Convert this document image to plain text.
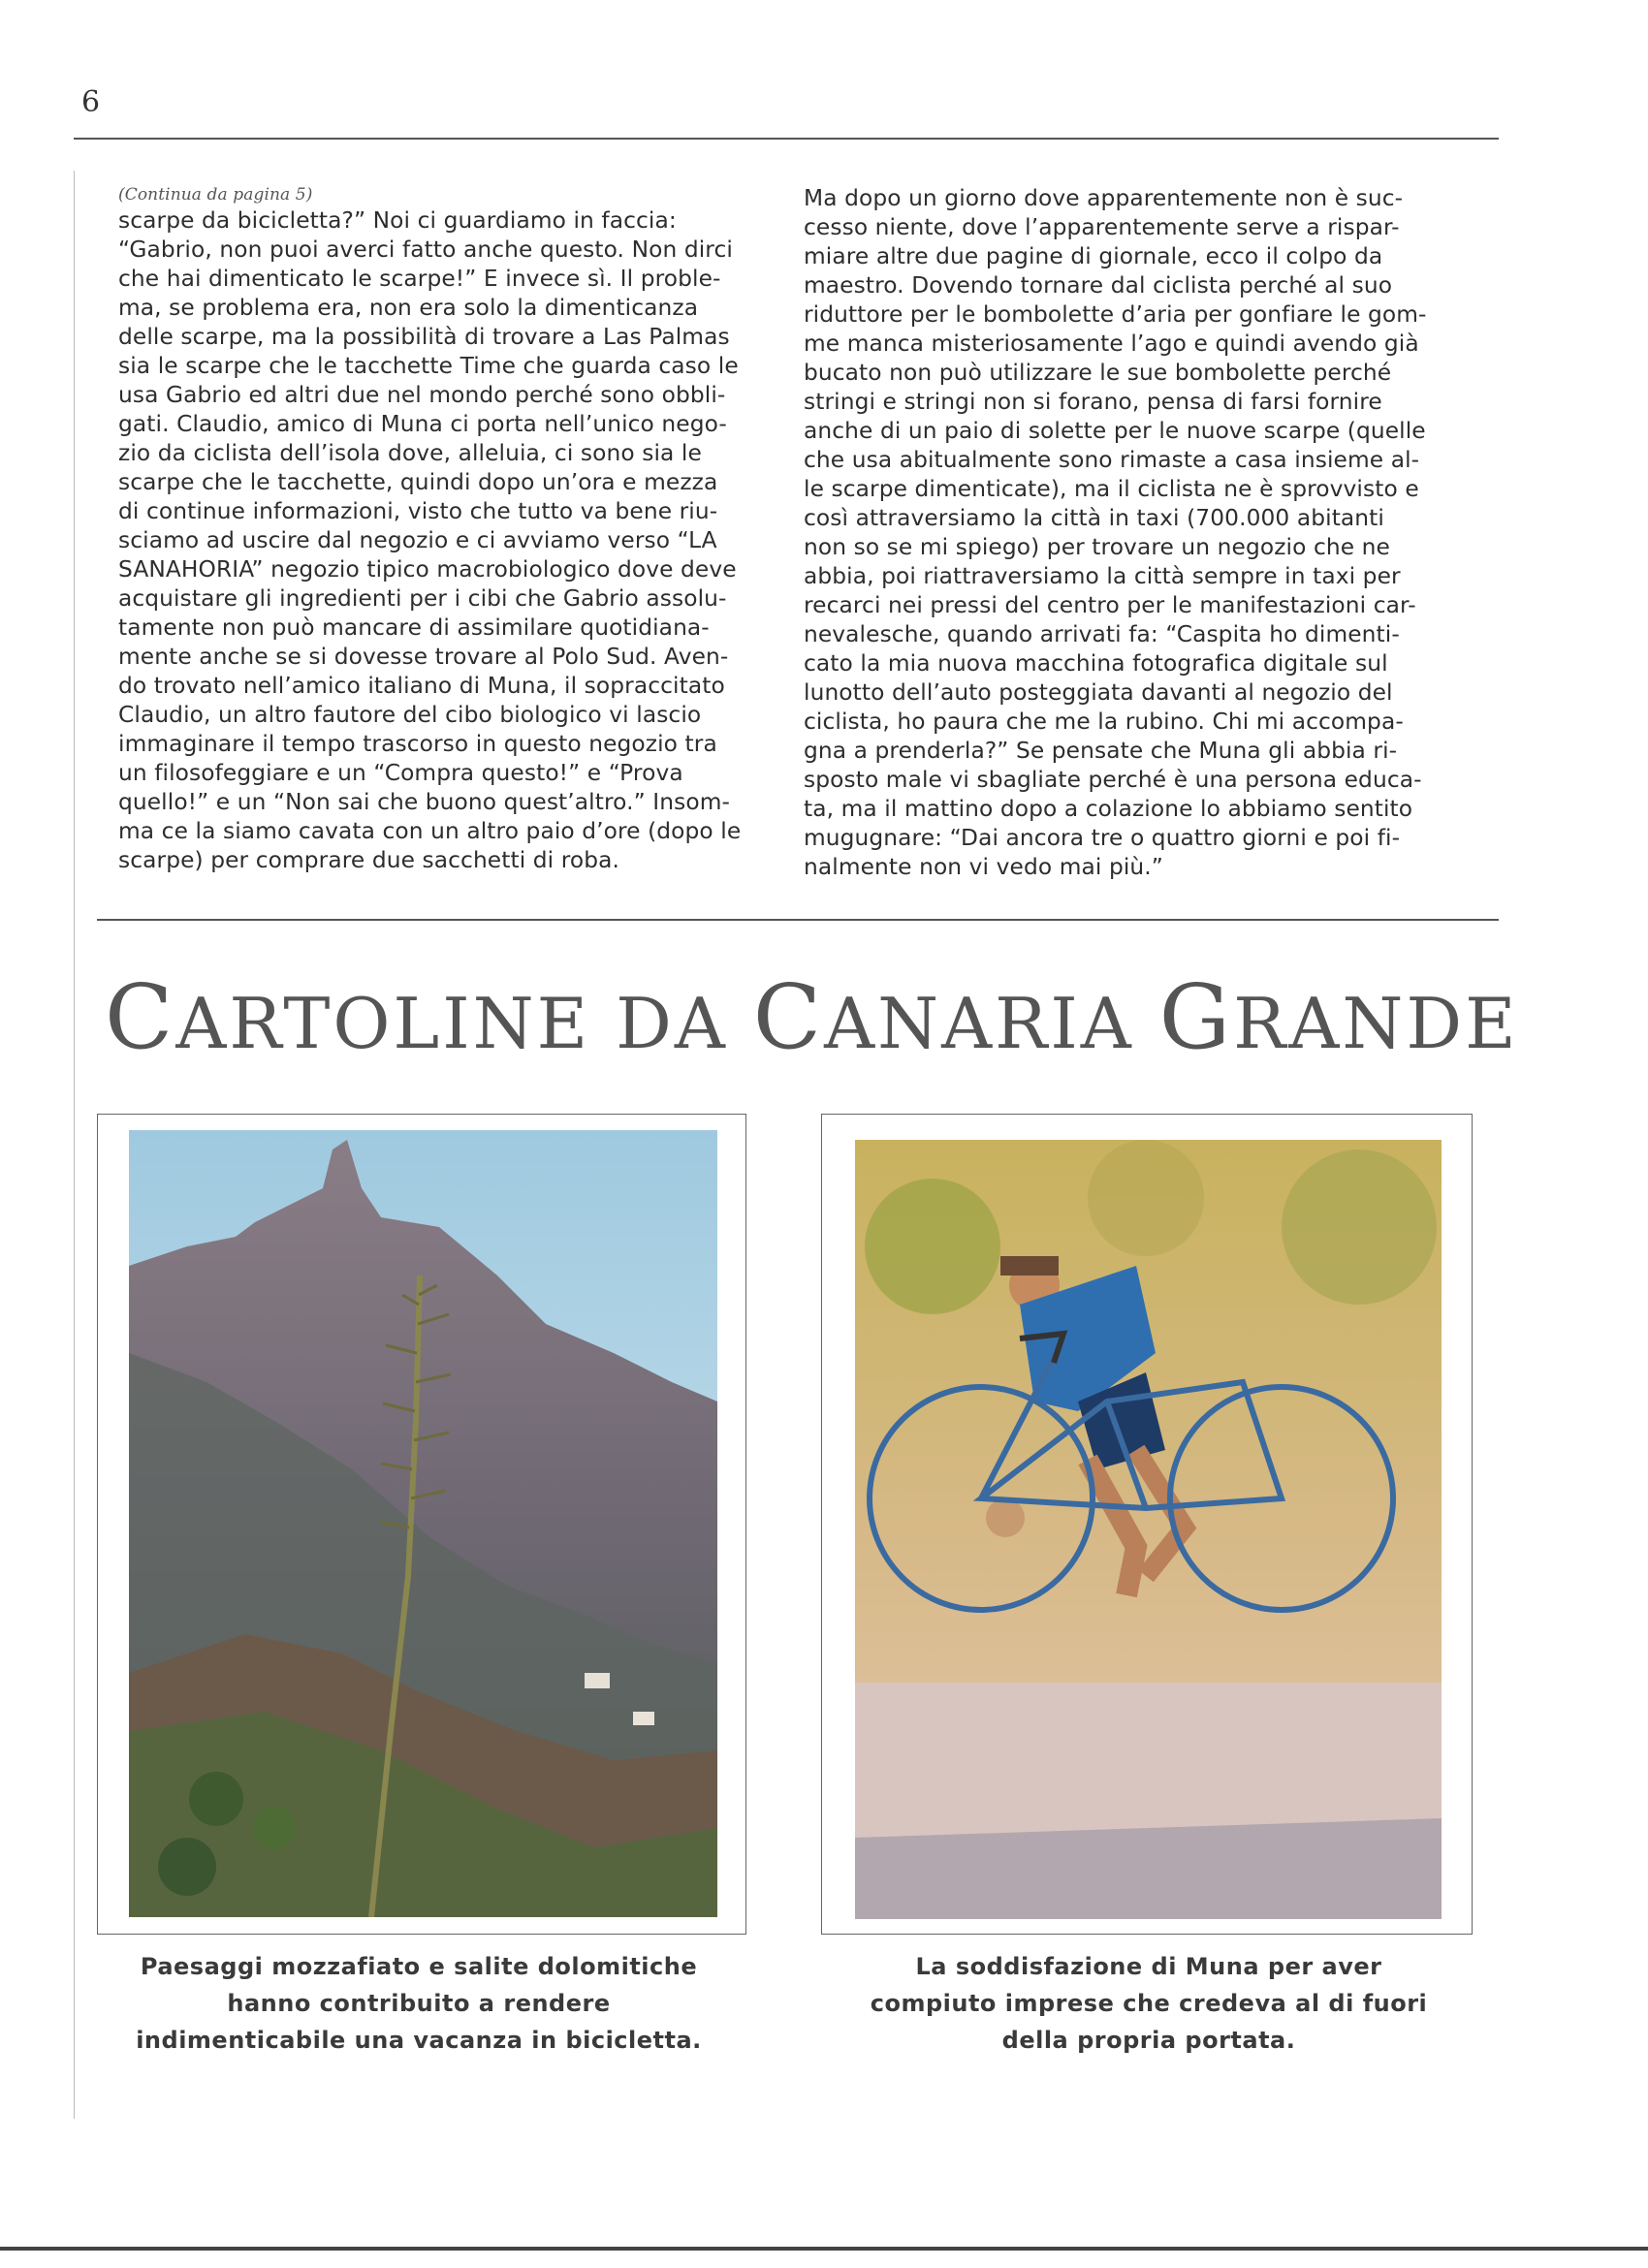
6
(Continua da pagina 5)
scarpe da bicicletta?” Noi ci guardiamo in faccia:
“Gabrio, non puoi averci fatto anche questo. Non dirci
che hai dimenticato le scarpe!” E invece sì. Il proble-
ma, se problema era, non era solo la dimenticanza
delle scarpe, ma la possibilità di trovare a Las Palmas
sia le scarpe che le tacchette Time che guarda caso le
usa Gabrio ed altri due nel mondo perché sono obbli-
gati. Claudio, amico di Muna ci porta nell’unico nego-
zio da ciclista dell’isola dove, alleluia, ci sono sia le
scarpe che le tacchette, quindi dopo un’ora e mezza
di continue informazioni, visto che tutto va bene riu-
sciamo ad uscire dal negozio e ci avviamo verso “LA
SANAHORIA” negozio tipico macrobiologico dove deve
acquistare gli ingredienti per i cibi che Gabrio assolu-
tamente non può mancare di assimilare quotidiana-
mente anche se si dovesse trovare al Polo Sud. Aven-
do trovato nell’amico italiano di Muna, il sopraccitato
Claudio, un altro fautore del cibo biologico vi lascio
immaginare il tempo trascorso in questo negozio tra
un filosofeggiare e un “Compra questo!” e “Prova
quello!” e un “Non sai che buono quest’altro.” Insom-
ma ce la siamo cavata con un altro paio d’ore (dopo le
scarpe) per comprare due sacchetti di roba.
Ma dopo un giorno dove apparentemente non è suc-
cesso niente, dove l’apparentemente serve a rispar-
miare altre due pagine di giornale, ecco il colpo da
maestro. Dovendo tornare dal ciclista perché al suo
riduttore per le bombolette d’aria per gonfiare le gom-
me manca misteriosamente l’ago e quindi avendo già
bucato non può utilizzare le sue bombolette perché
stringi e stringi non si forano, pensa di farsi fornire
anche di un paio di solette per le nuove scarpe (quelle
che usa abitualmente sono rimaste a casa insieme al-
le scarpe dimenticate), ma il ciclista ne è sprovvisto e
così attraversiamo la città in taxi (700.000 abitanti
non so se mi spiego) per trovare un negozio che ne
abbia, poi riattraversiamo la città sempre in taxi per
recarci nei pressi del centro per le manifestazioni car-
nevalesche, quando arrivati fa: “Caspita ho dimenti-
cato la mia nuova macchina fotografica digitale sul
lunotto dell’auto posteggiata davanti al negozio del
ciclista, ho paura che me la rubino. Chi mi accompa-
gna a prenderla?” Se pensate che Muna gli abbia ri-
sposto male vi sbagliate perché è una persona educa-
ta, ma il mattino dopo a colazione lo abbiamo sentito
mugugnare: “Dai ancora tre o quattro giorni e poi fi-
nalmente non vi vedo mai più.”
CARTOLINE DA CANARIA GRANDE
Paesaggi mozzafiato e salite dolomitiche
hanno contribuito a rendere
indimenticabile una vacanza in bicicletta.
La soddisfazione di Muna per aver
compiuto imprese che credeva al di fuori
della propria portata.
